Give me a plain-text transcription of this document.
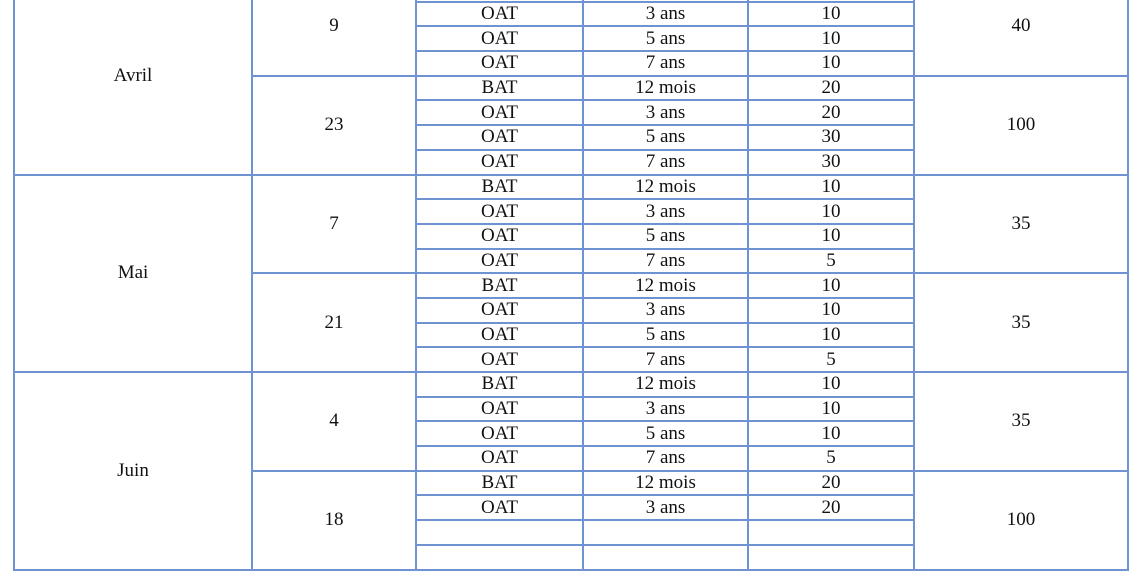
Avril	9				40
		OAT	3 ans	10	
		OAT	5 ans	10	
		OAT	7 ans	10	
	23	BAT	12 mois	20	100
		OAT	3 ans	20	
		OAT	5 ans	30	
		OAT	7 ans	30	
Mai	7	BAT	12 mois	10	35
		OAT	3 ans	10	
		OAT	5 ans	10	
		OAT	7 ans	5	
	21	BAT	12 mois	10	35
		OAT	3 ans	10	
		OAT	5 ans	10	
		OAT	7 ans	5	
Juin	4	BAT	12 mois	10	35
		OAT	3 ans	10	
		OAT	5 ans	10	
		OAT	7 ans	5	
	18	BAT	12 mois	20	100
		OAT	3 ans	20	
